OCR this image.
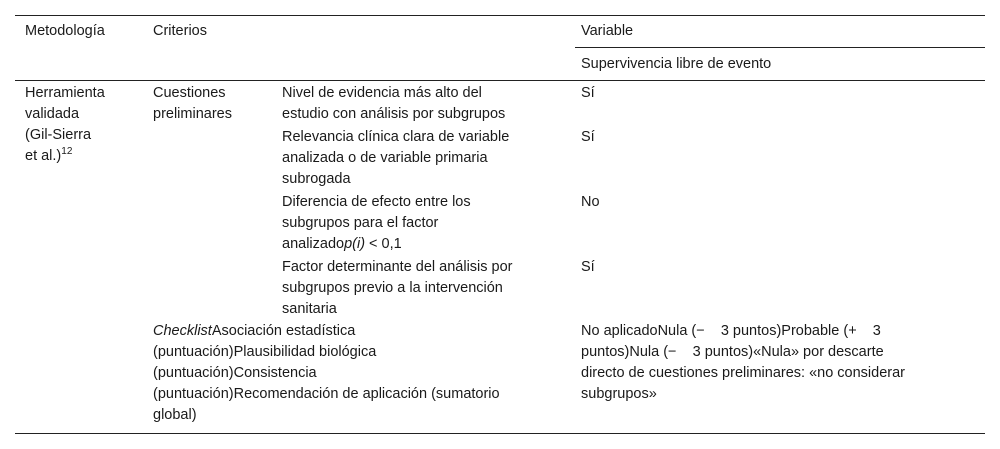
Metodología	Criterios	Variable
Supervivencia libre de evento
Herramienta
validada
(Gil-Sierra
et al.)$^{12}$
Cuestiones
preliminares
Nivel de evidencia más alto del
estudio con análisis por subgrupos
Sí
Relevancia clínica clara de variable
analizada o de variable primaria
subrogada
Sí
Diferencia de efecto entre los
subgrupos para el factor
analizadop(i) < 0,1
No
Factor determinante del análisis por
subgrupos previo a la intervención
sanitaria
Sí
ChecklistAsociación estadística
(puntuación)Plausibilidad biológica
(puntuación)Consistencia
(puntuación)Recomendación de aplicación (sumatorio
global)
No aplicadoNula (−    3 puntos)Probable (+    3
puntos)Nula (−    3 puntos)«Nula» por descarte
directo de cuestiones preliminares: «no considerar
subgrupos»
